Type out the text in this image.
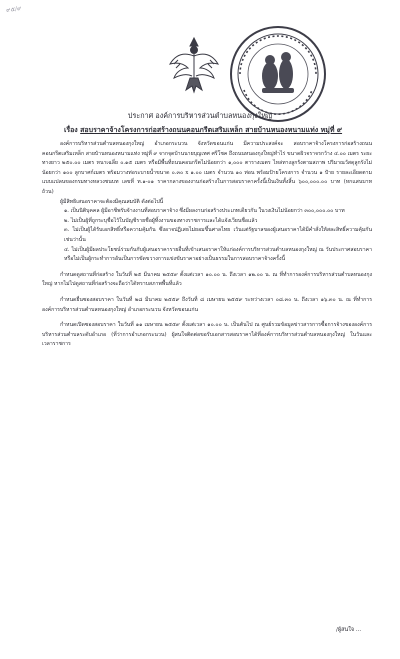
๙๕/๙
ประกาศ องค์การบริหารส่วนตำบลหนองกุงใหญ่
เรื่อง สอบราคาจ้างโครงการก่อสร้างถนนคอนกรีตเสริมเหล็ก สายบ้านหนองหนามแท่ง หมู่ที่ ๙

องค์การบริหารส่วนตำบลหนองกุงใหญ่ อำเภอกระนวน จังหวัดขอนแก่น มีความประสงค์จะ สอบราคาจ้างโครงการก่อสร้างถนนคอนกรีตเสริมเหล็ก สายบ้านหนองหนามแท่ง หมู่ที่ ๙ จากจุดบ้านนายบุญเทศ ศรีโชค ถึงถนนหนองกุงใหญ่ทำไร่ ขนาดผิวจราจรกว้าง ๔.๐๐ เมตร ระยะทางยาว ๒๕๐.๐๐ เมตร หนาเฉลี่ย ๐.๑๕ เมตร หรือมีพื้นที่ถนนคอนกรีตไม่น้อยกว่า ๑,๐๐๐ ตารางเมตร ไหล่ทางลูกรังตามสภาพ ปริมาณวัสดุลูกรังไม่น้อยกว่า ๑๐๐ ลูกบาศก์เมตร พร้อมวางท่อระบายน้ำขนาด ๐.๓๐ x ๑.๐๐ เมตร จำนวน ๑๐ ท่อน พร้อมป้ายโครงการ จำนวน ๑ ป้าย รายละเอียดตามแบบแปลนของกรมทางหลวงชนบท เลขที่ ท.๑-๐๑ ราคากลางของงานก่อสร้างในการสอบราคาครั้งนี้เป็นเงินทั้งสิ้น ๖๐๐,๐๐๐.๐๐ บาท (หกแสนบาทถ้วน)

ผู้มีสิทธิเสนอราคาจะต้องมีคุณสมบัติ ดังต่อไปนี้

๑. เป็นนิติบุคคล ผู้มีอาชีพรับจ้างงานที่สอบราคาจ้าง ซึ่งมีผลงานก่อสร้างประเภทเดียวกัน ในวงเงินไม่น้อยกว่า ๓๐๐,๐๐๐.๐๐ บาท

๒. ไม่เป็นผู้ที่ถูกระบุชื่อไว้ในบัญชีรายชื่อผู้ทิ้งงานของทางราชการและได้แจ้งเวียนชื่อแล้ว

๓. ไม่เป็นผู้ได้รับเอกสิทธิ์หรือความคุ้มกัน ซึ่งอาจปฏิเสธไม่ยอมขึ้นศาลไทย เว้นแต่รัฐบาลของผู้เสนอราคาได้มีคำสั่งให้สละสิทธิ์ความคุ้มกันเช่นว่านั้น

๔. ไม่เป็นผู้มีผลประโยชน์ร่วมกันกับผู้เสนอราคารายอื่นที่เข้าเสนอราคาให้แก่องค์การบริหารส่วนตำบลหนองกุงใหญ่ ณ วันประกาศสอบราคา หรือไม่เป็นผู้กระทำการอันเป็นการขัดขวางการแข่งขันราคาอย่างเป็นธรรมในการสอบราคาจ้างครั้งนี้

กำหนดดูสถานที่ก่อสร้าง ในวันที่ ๒๕ มีนาคม ๒๕๕๙ ตั้งแต่เวลา ๑๐.๐๐ น. ถึงเวลา ๑๒.๐๐ น. ณ ที่ทำการองค์การบริหารส่วนตำบลหนองกุงใหญ่ หากไม่ไปดูสถานที่ก่อสร้างจะถือว่าได้ทราบสภาพพื้นที่แล้ว

กำหนดยื่นซองสอบราคา ในวันที่ ๒๘ มีนาคม ๒๕๕๙ ถึงวันที่ ๘ เมษายน ๒๕๕๙ ระหว่างเวลา ๐๘.๓๐ น. ถึงเวลา ๑๖.๓๐ น. ณ ที่ทำการองค์การบริหารส่วนตำบลหนองกุงใหญ่ อำเภอกระนวน จังหวัดขอนแก่น

กำหนดเปิดซองสอบราคา ในวันที่ ๑๑ เมษายน ๒๕๕๙ ตั้งแต่เวลา ๑๐.๐๐ น. เป็นต้นไป ณ ศูนย์รวมข้อมูลข่าวสารการซื้อการจ้างขององค์การบริหารส่วนตำบลระดับอำเภอ (ที่ว่าการอำเภอกระนวน) ผู้สนใจติดต่อขอรับเอกสารสอบราคาได้ที่องค์การบริหารส่วนตำบลหนองกุงใหญ่ ในวันและเวลาราชการ

/ผู้สนใจ ...
